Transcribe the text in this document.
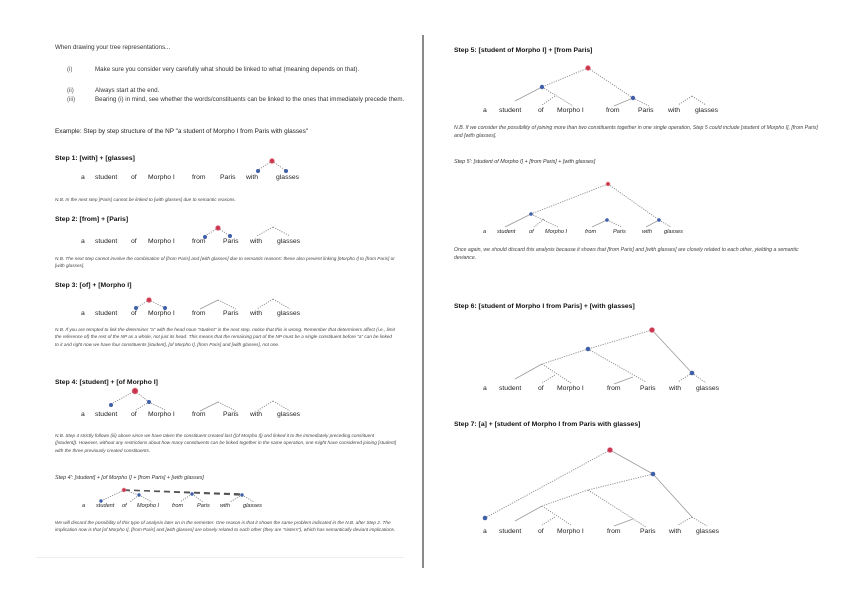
When drawing your tree representations...
(i)	Make sure you consider very carefully what should be linked to what (meaning depends on that).
(ii)	Always start at the end.
(iii)	Bearing (i) in mind, see whether the words/constituents can be linked to the ones that immediately precede them.
Example: Step by step structure of the NP "a student of Morpho I from Paris with glasses"
Step 1: [with] + [glasses]
a student of Morpho I	from Paris with	glasses
N.B. In the next step [Paris] cannot be linked to [with glasses] due to semantic reasons.
Step 2: [from] + [Paris]
a student of Morpho I	from	Paris with glasses
N.B. The next step cannot involve the combination of [from Paris] and [with glasses] due to semantic reasons: these also prevent linking [Morpho I] to [from Paris] or [with glasses].
Step 3: [of] + [Morpho I]
a student of Morpho I	from	Paris with glasses
N.B. If you are tempted to link the determiner "a" with the head noun "student" in the next step, notice that this is wrong. Remember that determiners affect (i.e., limit the reference of) the rest of the NP as a whole, not just its head. This means that the remaining part of the NP must be a single constituent before "a" can be linked to it and right now we have four constituents [student], [of Morpho I], [from Paris] and [with glasses], not one.
Step 4: [student] + [of Morpho I]
a student of Morpho I	from	Paris with glasses
N.B. Step 4 strictly follows (iii) above since we have taken the constituent created last ([of Morpho I]) and linked it to the immediately preceding constituent ([student]). However, without any restrictions about how many constituents can be linked together in the same operation, one might have considered joining [student] with the three previously created constituents.
Step 4': [student] + [of Morpho I] + [from Paris] + [with glasses]
a student of Morpho I from Paris with glasses
We will discard the possibility of this type of analysis later on in the semester. One reason is that it shows the same problem indicated in the N.B. after Step 2. The implication now is that [of Morpho I], [from Paris] and [with glasses] are closely related to each other (they are "sisters"), which has semantically deviant implications.
Step 5: [student of Morpho I] + [from Paris]
a student of Morpho I	from	Paris with glasses
N.B. If we consider the possibility of joining more than two constituents together in one single operation, Step 5 could include [student of Morpho I], [from Paris] and [with glasses].
Step 5': [student of Morpho I] + [from Paris] + [with glasses]
a student of Morpho I	from	Paris	with glasses
Once again, we should discard this analysis because it shows that [from Paris] and [with glasses] are closely related to each other, yielding a semantic deviance.
Step 6: [student of Morpho I from Paris] + [with glasses]
a student of Morpho I	from	Paris with glasses
Step 7: [a] + [student of Morpho I from Paris with glasses]
a student of Morpho I	from	Paris with glasses
